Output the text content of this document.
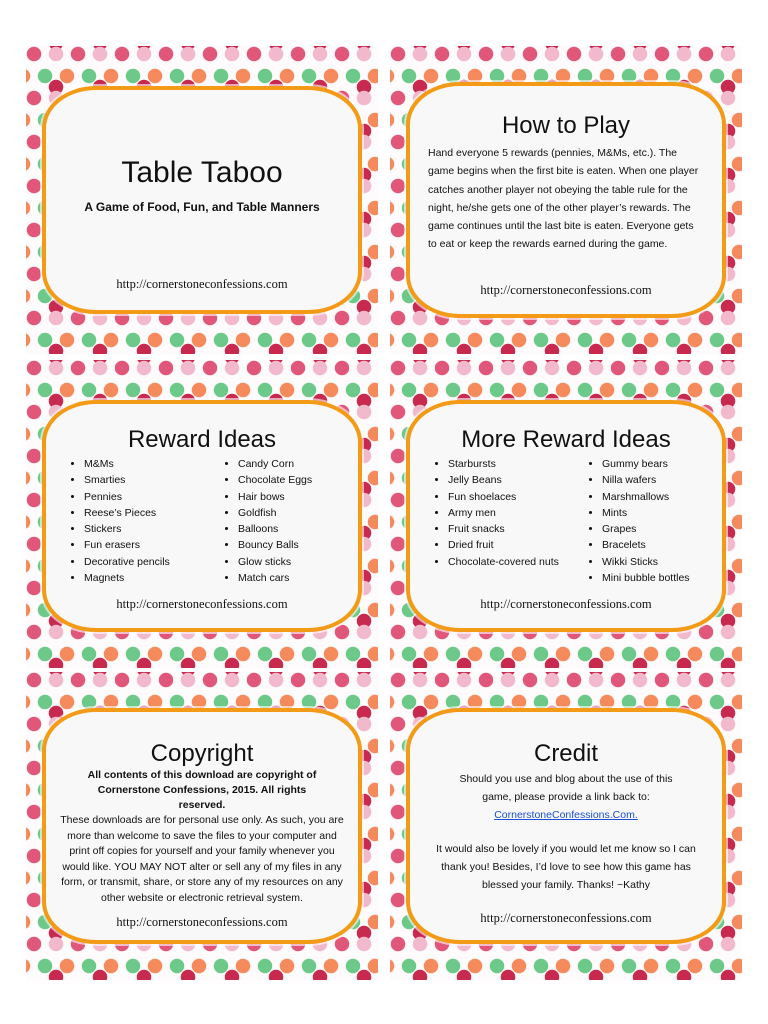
Table Taboo
A Game of Food, Fun, and Table Manners
http://cornerstoneconfessions.com
How to Play
Hand everyone 5 rewards (pennies, M&Ms, etc.). The game begins when the first bite is eaten. When one player catches another player not obeying the table rule for the night, he/she gets one of the other player’s rewards. The game continues until the last bite is eaten. Everyone gets to eat or keep the rewards earned during the game.
http://cornerstoneconfessions.com
Reward Ideas
• M&Ms
• Smarties
• Pennies
• Reese’s Pieces
• Stickers
• Fun erasers
• Decorative pencils
• Magnets
• Candy Corn
• Chocolate Eggs
• Hair bows
• Goldfish
• Balloons
• Bouncy Balls
• Glow sticks
• Match cars
http://cornerstoneconfessions.com
More Reward Ideas
• Starbursts
• Jelly Beans
• Fun shoelaces
• Army men
• Fruit snacks
• Dried fruit
• Chocolate-covered nuts
• Gummy bears
• Nilla wafers
• Marshmallows
• Mints
• Grapes
• Bracelets
• Wikki Sticks
• Mini bubble bottles
http://cornerstoneconfessions.com
Copyright
All contents of this download are copyright of Cornerstone Confessions, 2015. All rights reserved.
These downloads are for personal use only. As such, you are more than welcome to save the files to your computer and print off copies for yourself and your family whenever you would like. YOU MAY NOT alter or sell any of my files in any form, or transmit, share, or store any of my resources on any other website or electronic retrieval system.
http://cornerstoneconfessions.com
Credit
Should you use and blog about the use of this game, please provide a link back to:
CornerstoneConfessions.Com.
It would also be lovely if you would let me know so I can thank you! Besides, I’d love to see how this game has blessed your family. Thanks! ~Kathy
http://cornerstoneconfessions.com
